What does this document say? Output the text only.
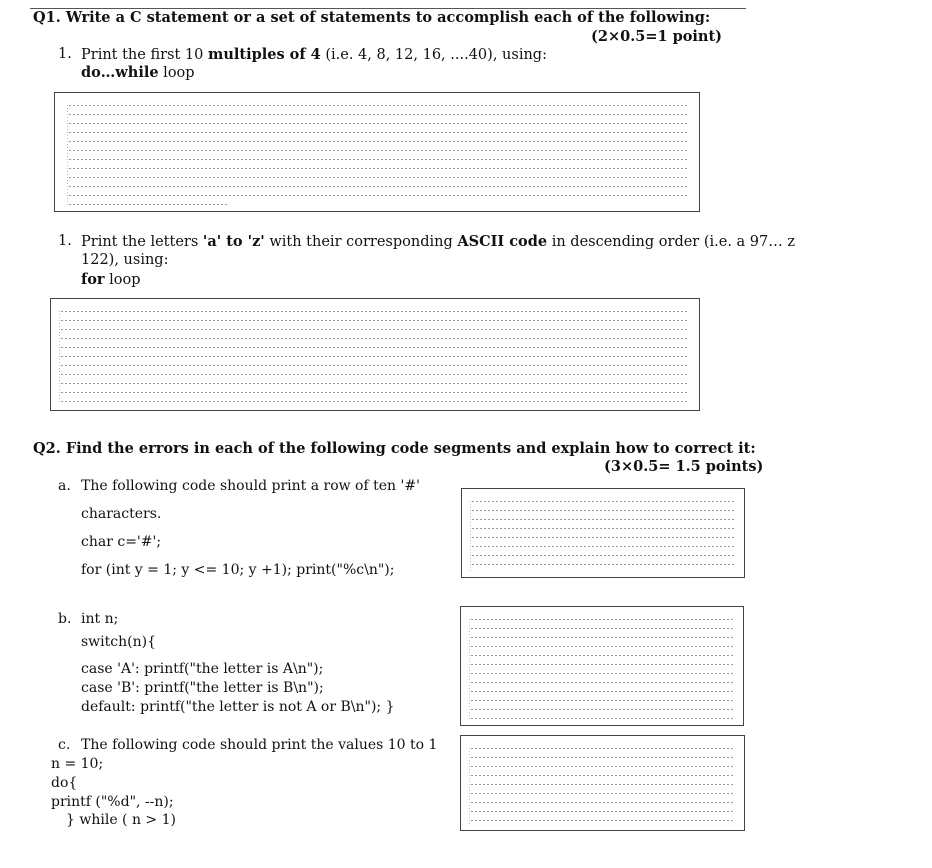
Q1. Write a C statement or a set of statements to accomplish each of the following:
(2×0.5=1 point)
1. Print the first 10 multiples of 4 (i.e. 4, 8, 12, 16, ....40), using:
do…while loop
1. Print the letters 'a' to 'z' with their corresponding ASCII code in descending order (i.e. a 97… z
122), using:
for loop
Q2. Find the errors in each of the following code segments and explain how to correct it:
(3×0.5= 1.5 points)
a. The following code should print a row of ten '#'
characters.
char c='#';
for (int y = 1; y <= 10; y +1); print("%c\n");
b. int n;
switch(n){
case 'A': printf("the letter is A\n");
case 'B': printf("the letter is B\n");
default: printf("the letter is not A or B\n"); }
c. The following code should print the values 10 to 1
n = 10;
do{
printf ("%d", --n);
} while ( n > 1)
